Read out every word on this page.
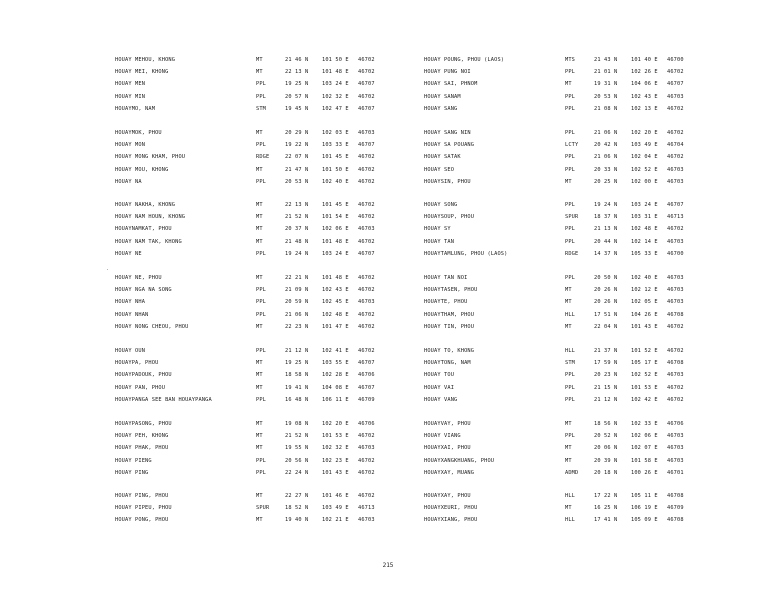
HOUAY MEHOU, KHONG	MT	21 46 N	101 50 E 46702
HOUAY MEI, KHONG	MT	22 13 N	101 48 E 46702
HOUAY MEN	PPL	19 25 N	103 24 E 46707
HOUAY MIN	PPL	20 57 N	102 32 E 46702
HOUAYMO, NAM	STM	19 45 N	102 47 E 46707
HOUAYMOK, PHOU	MT	20 29 N	102 03 E 46703
HOUAY MON	PPL	19 22 N	103 33 E 46707
HOUAY MONG KHAM, PHOU	RDGE	22 07 N	101 45 E 46702
HOUAY MOU, KHONG	MT	21 47 N	101 50 E 46702
HOUAY NA	PPL	20 53 N	102 40 E 46702
HOUAY NAKHA, KHONG	MT	22 13 N	101 45 E 46702
HOUAY NAM HOUN, KHONG	MT	21 52 N	101 54 E 46702
HOUAYNAMKAT, PHOU	MT	20 37 N	102 06 E 46703
HOUAY NAM TAK, KHONG	MT	21 48 N	101 48 E 46702
HOUAY NE	PPL	19 24 N	103 24 E 46707
HOUAY NE, PHOU	MT	22 21 N	101 48 E 46702
HOUAY NGA NA SONG	PPL	21 09 N	102 43 E 46702
HOUAY NHA	PPL	20 59 N	102 45 E 46703
HOUAY NHAN	PPL	21 06 N	102 48 E 46702
HOUAY NONG CHEOU, PHOU	MT	22 23 N	101 47 E 46702
HOUAY OUN	PPL	21 12 N	102 41 E 46702
HOUAYPA, PHOU	MT	19 25 N	103 55 E 46707
HOUAYPADOUK, PHOU	MT	18 58 N	102 28 E 46706
HOUAY PAN, PHOU	MT	19 41 N	104 08 E 46707
HOUAYPANGA SEE BAN HOUAYPANGA	PPL	16 48 N	106 11 E 46709
HOUAYPASONG, PHOU	MT	19 08 N	102 20 E 46706
HOUAY PEH, KHONG	MT	21 52 N	101 53 E 46702
HOUAY PHAK, PHOU	MT	19 55 N	102 32 E 46703
HOUAY PIENG	PPL	20 56 N	102 23 E 46702
HOUAY PING	PPL	22 24 N	101 43 E 46702
HOUAY PING, PHOU	MT	22 27 N	101 46 E 46702
HOUAY PIPEU, PHOU	SPUR	18 52 N	103 49 E 46713
HOUAY PONG, PHOU	MT	19 40 N	102 21 E 46703
HOUAY POUNG, PHOU (LAOS)	MTS	21 43 N	101 40 E 46700
HOUAY PUNG NOI	PPL	21 01 N	102 26 E 46702
HOUAY SAI, PHNOM	MT	19 31 N	104 06 E 46707
HOUAY SANAM	PPL	20 53 N	102 43 E 46703
HOUAY SANG	PPL	21 08 N	102 13 E 46702
HOUAY SANG NIN	PPL	21 06 N	102 20 E 46702
HOUAY SA POUANG	LCTY	20 42 N	103 49 E 46704
HOUAY SATAK	PPL	21 06 N	102 04 E 46702
HOUAY SEO	PPL	20 33 N	102 52 E 46703
HOUAYSIN, PHOU	MT	20 25 N	102 00 E 46703
HOUAY SONG	PPL	19 24 N	103 24 E 46707
HOUAYSOUP, PHOU	SPUR	18 37 N	103 31 E 46713
HOUAY SY	PPL	21 13 N	102 48 E 46702
HOUAY TAN	PPL	20 44 N	102 14 E 46703
HOUAYTAMLUNG, PHOU (LAOS)	RDGE	14 37 N	105 33 E 46700
HOUAY TAN NOI	PPL	20 50 N	102 40 E 46703
HOUAYTASEN, PHOU	MT	20 26 N	102 12 E 46703
HOUAYTE, PHOU	MT	20 26 N	102 05 E 46703
HOUAYTHAM, PHOU	HLL	17 51 N	104 26 E 46708
HOUAY TIN, PHOU	MT	22 04 N	101 43 E 46702
HOUAY TO, KHONG	HLL	21 37 N	101 52 E 46702
HOUAYTONG, NAM	STM	17 59 N	105 17 E 46708
HOUAY TOU	PPL	20 23 N	102 52 E 46703
HOUAY VAI	PPL	21 15 N	101 53 E 46702
HOUAY VANG	PPL	21 12 N	102 42 E 46702
HOUAYVAY, PHOU	MT	18 56 N	102 33 E 46706
HOUAY VIANG	PPL	20 52 N	102 06 E 46703
HOUAYXAI, PHOU	MT	20 06 N	102 07 E 46703
HOUAYXANGKHUANG, PHOU	MT	20 39 N	101 58 E 46703
HOUAYXAY, MUANG	ADMD	20 18 N	100 26 E 46701
HOUAYXAY, PHOU	HLL	17 22 N	105 11 E 46708
HOUAYXEURI, PHOU	MT	16 25 N	106 19 E 46709
HOUAYXIANG, PHOU	HLL	17 41 N	105 09 E 46708
.
215
